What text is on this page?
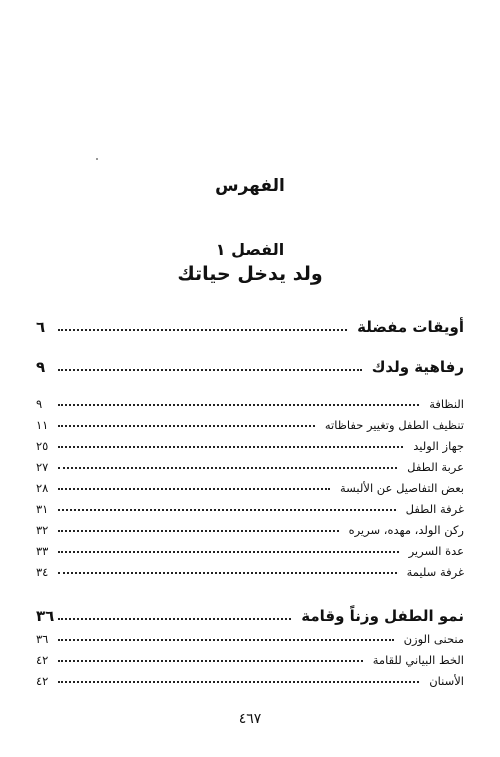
الفهرس
الفصل ١
ولد يدخل حياتك
أويقات مفضلة
٦
رفاهية ولدك
٩
النظافة
٩
تنظيف الطفل وتغيير حفاظاته
١١
جهاز الوليد
٢٥
عربة الطفل
٢٧
بعض التفاصيل عن الألبسة
٢٨
غرفة الطفل
٣١
ركن الولد، مهده، سريره
٣٢
عدة السرير
٣٣
غرفة سليمة
٣٤
نمو الطفل وزناً وقامة
٣٦
منحنى الوزن
٣٦
الخط البياني للقامة
٤٢
الأسنان
٤٢
٤٦٧
